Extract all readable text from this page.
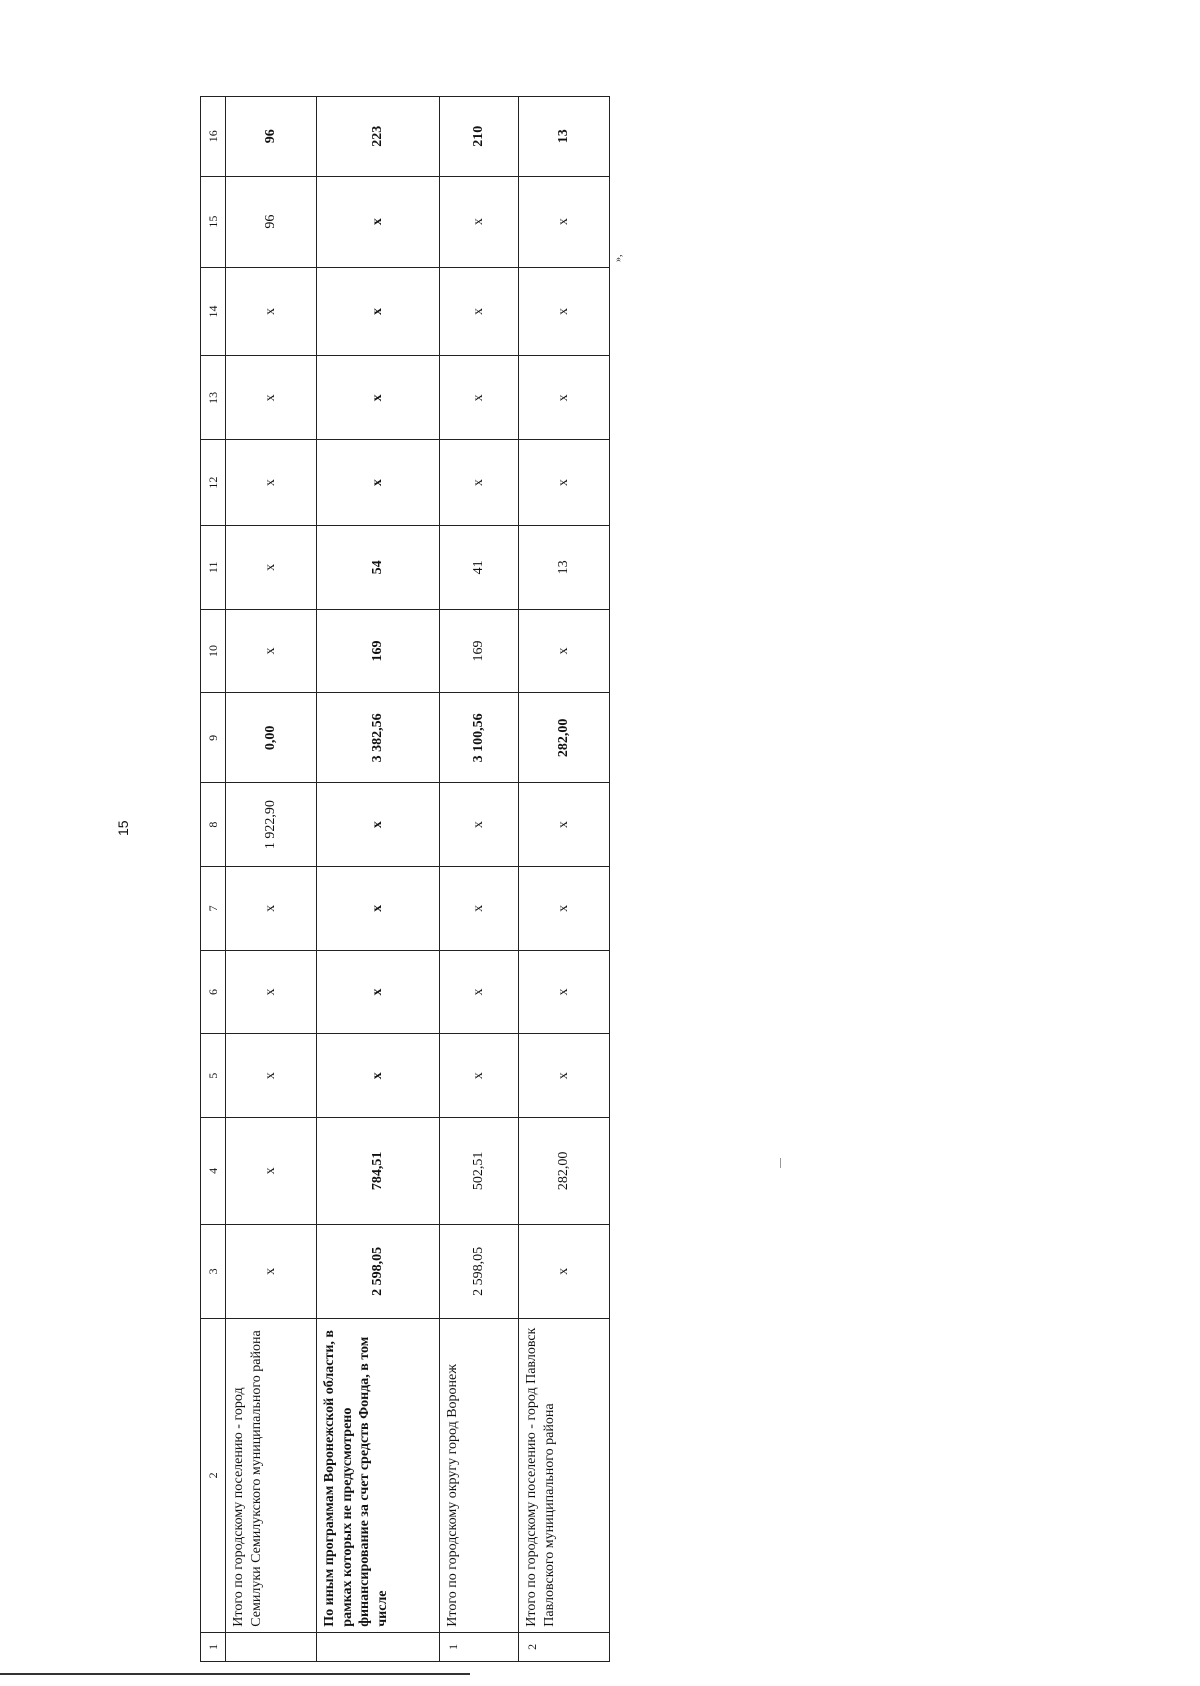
15
»,
1	2	3	4	5	6	7	8	9	10	11	12	13	14	15	16
	Итого по городскому поселению - город Семилуки Семилукского муниципального района	х	х	х	х	х	1 922,90	0,00	х	х	х	х	х	96	96
	По иным программам Воронежской области, в рамках которых не предусмотрено финансирование за счет средств Фонда, в том числе	2 598,05	784,51	х	х	х	х	3 382,56	169	54	х	х	х	х	223
1	Итого по городскому округу город Воронеж	2 598,05	502,51	х	х	х	х	3 100,56	169	41	х	х	х	х	210
2	Итого по городскому поселению - город Павловск Павловского муниципального района	х	282,00	х	х	х	х	282,00	х	13	х	х	х	х	13
